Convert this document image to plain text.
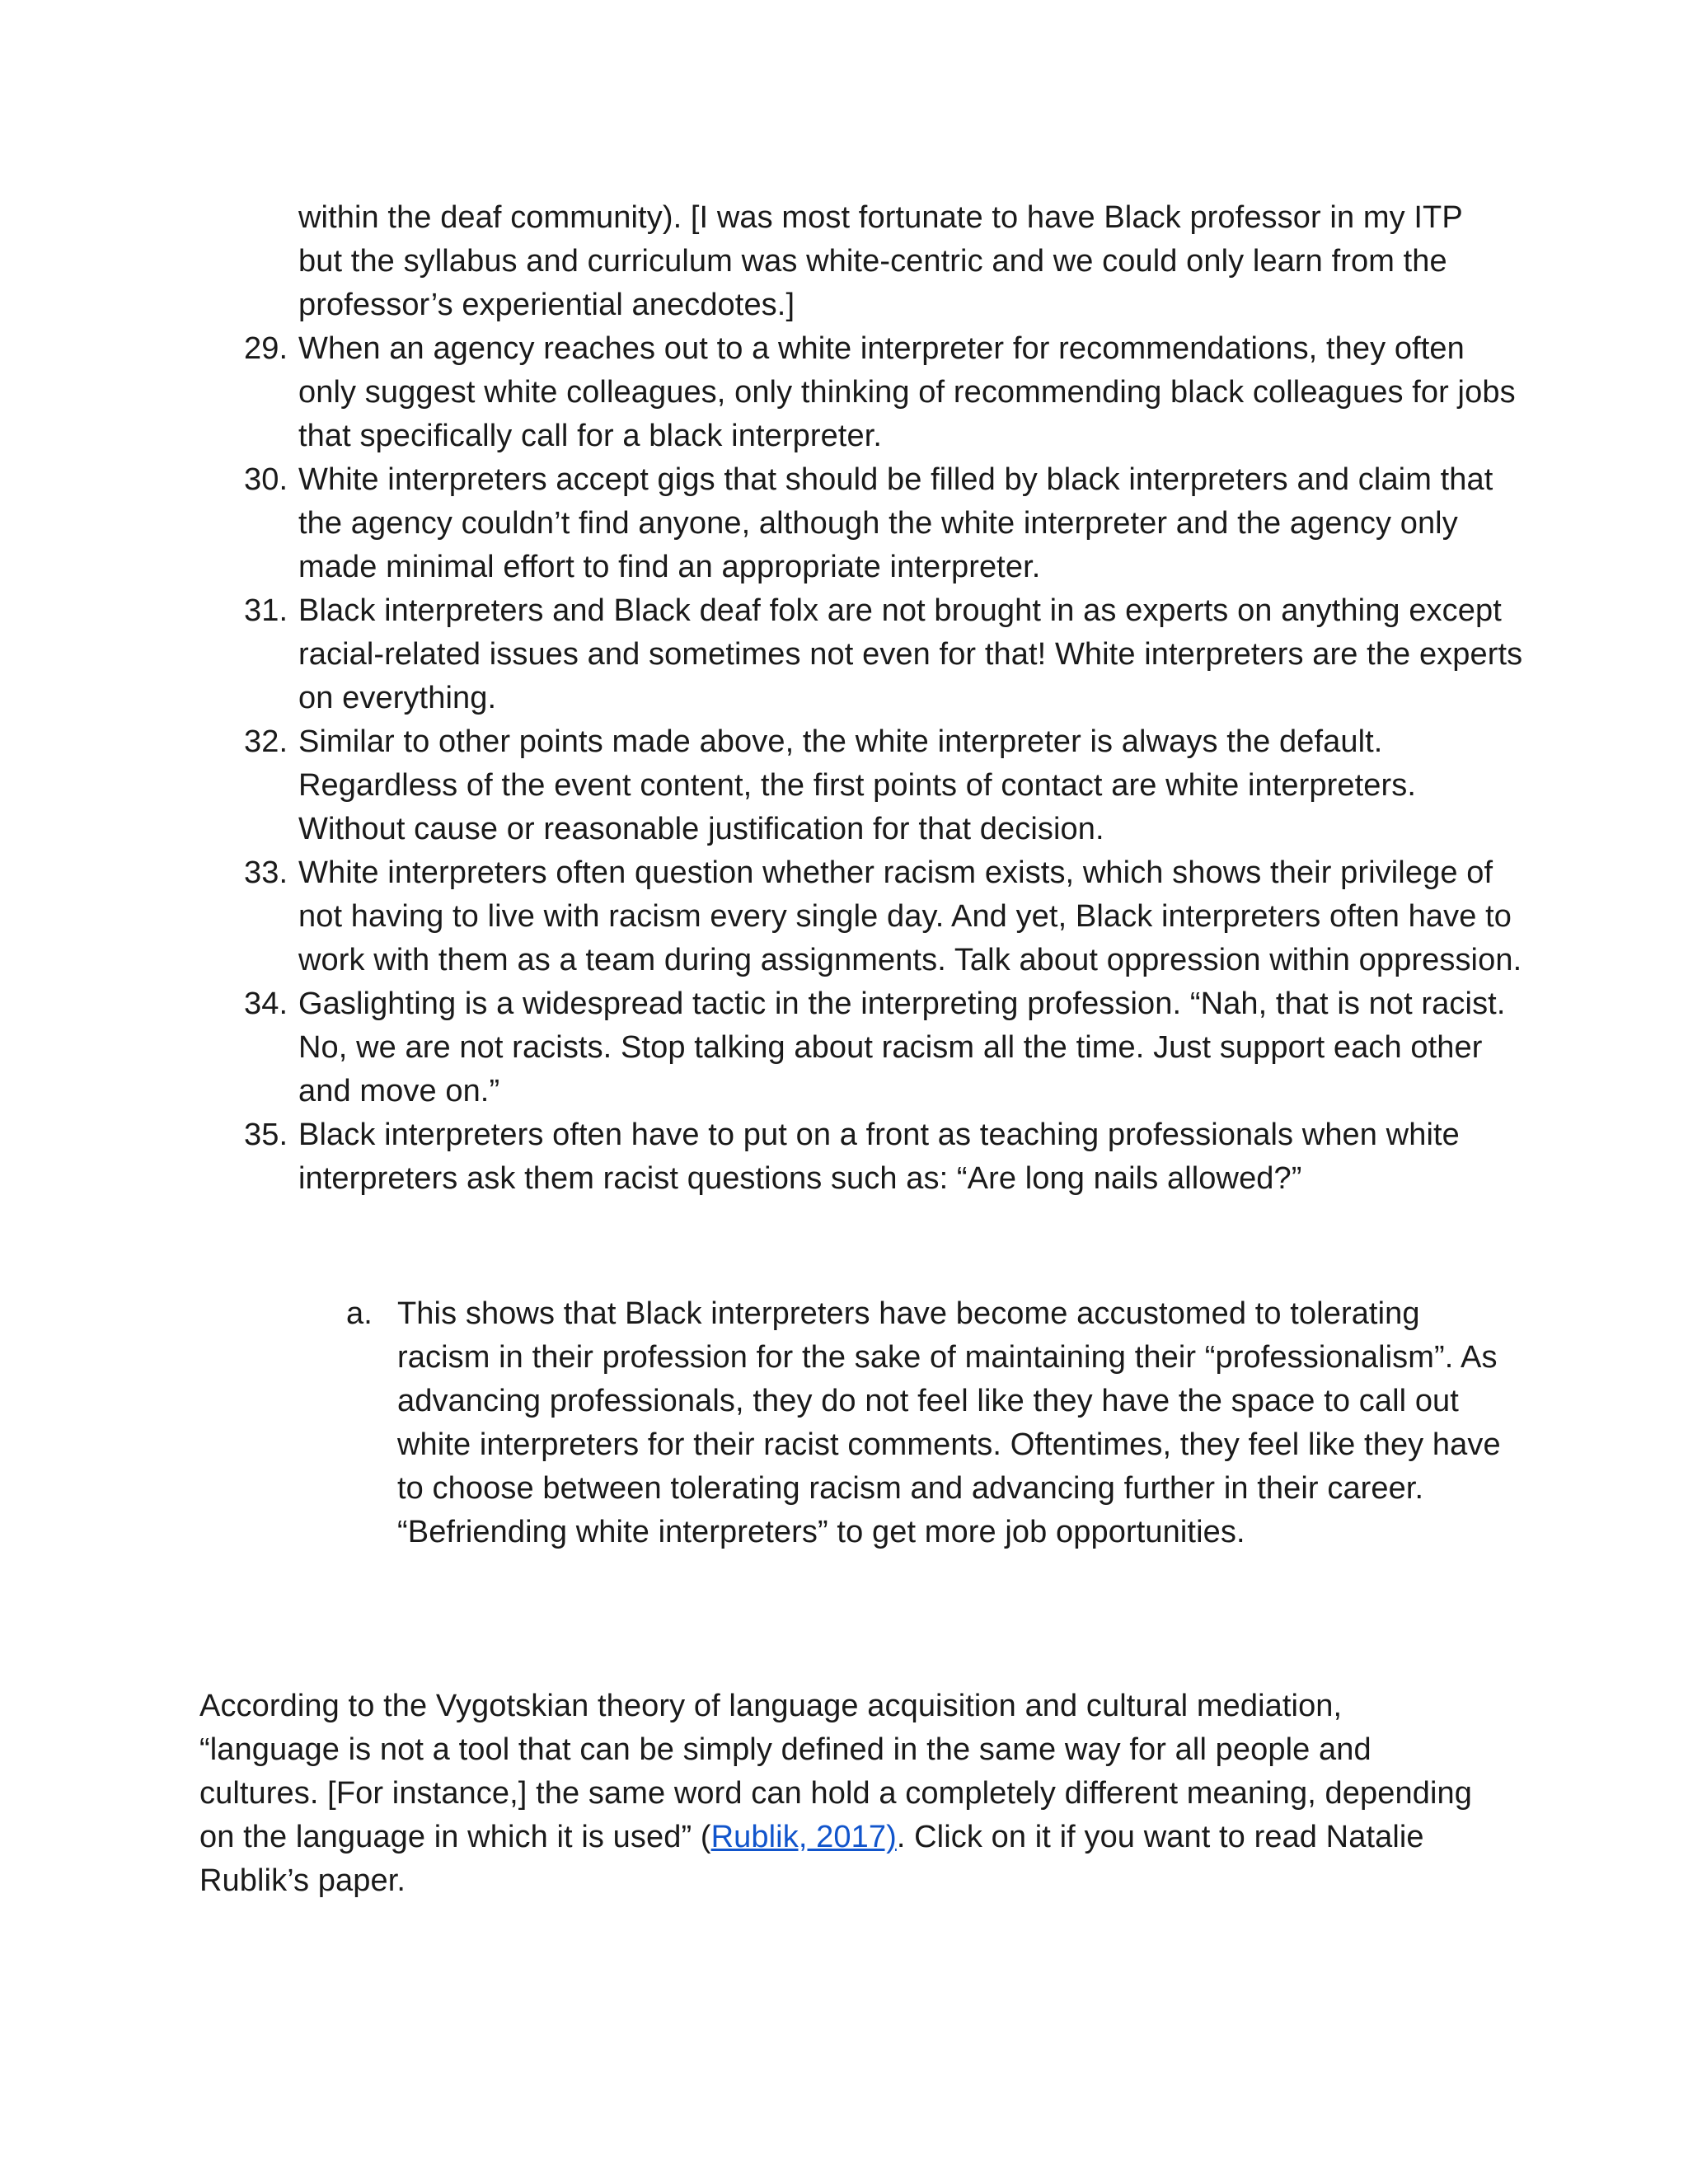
within the deaf community). [I was most fortunate to have Black professor in my ITP but the syllabus and curriculum was white-centric and we could only learn from the professor’s experiential anecdotes.]
29. When an agency reaches out to a white interpreter for recommendations, they often only suggest white colleagues, only thinking of recommending black colleagues for jobs that specifically call for a black interpreter.
30. White interpreters accept gigs that should be filled by black interpreters and claim that the agency couldn’t find anyone, although the white interpreter and the agency only made minimal effort to find an appropriate interpreter.
31. Black interpreters and Black deaf folx are not brought in as experts on anything except racial-related issues and sometimes not even for that! White interpreters are the experts on everything.
32. Similar to other points made above, the white interpreter is always the default. Regardless of the event content, the first points of contact are white interpreters. Without cause or reasonable justification for that decision.
33. White interpreters often question whether racism exists, which shows their privilege of not having to live with racism every single day. And yet, Black interpreters often have to work with them as a team during assignments. Talk about oppression within oppression.
34. Gaslighting is a widespread tactic in the interpreting profession. “Nah, that is not racist. No, we are not racists. Stop talking about racism all the time. Just support each other and move on.”
35. Black interpreters often have to put on a front as teaching professionals when white interpreters ask them racist questions such as: “Are long nails allowed?”
a. This shows that Black interpreters have become accustomed to tolerating racism in their profession for the sake of maintaining their “professionalism”. As advancing professionals, they do not feel like they have the space to call out white interpreters for their racist comments. Oftentimes, they feel like they have to choose between tolerating racism and advancing further in their career. “Befriending white interpreters” to get more job opportunities.
According to the Vygotskian theory of language acquisition and cultural mediation, “language is not a tool that can be simply defined in the same way for all people and cultures. [For instance,] the same word can hold a completely different meaning, depending on the language in which it is used” (Rublik, 2017). Click on it if you want to read Natalie Rublik’s paper.
